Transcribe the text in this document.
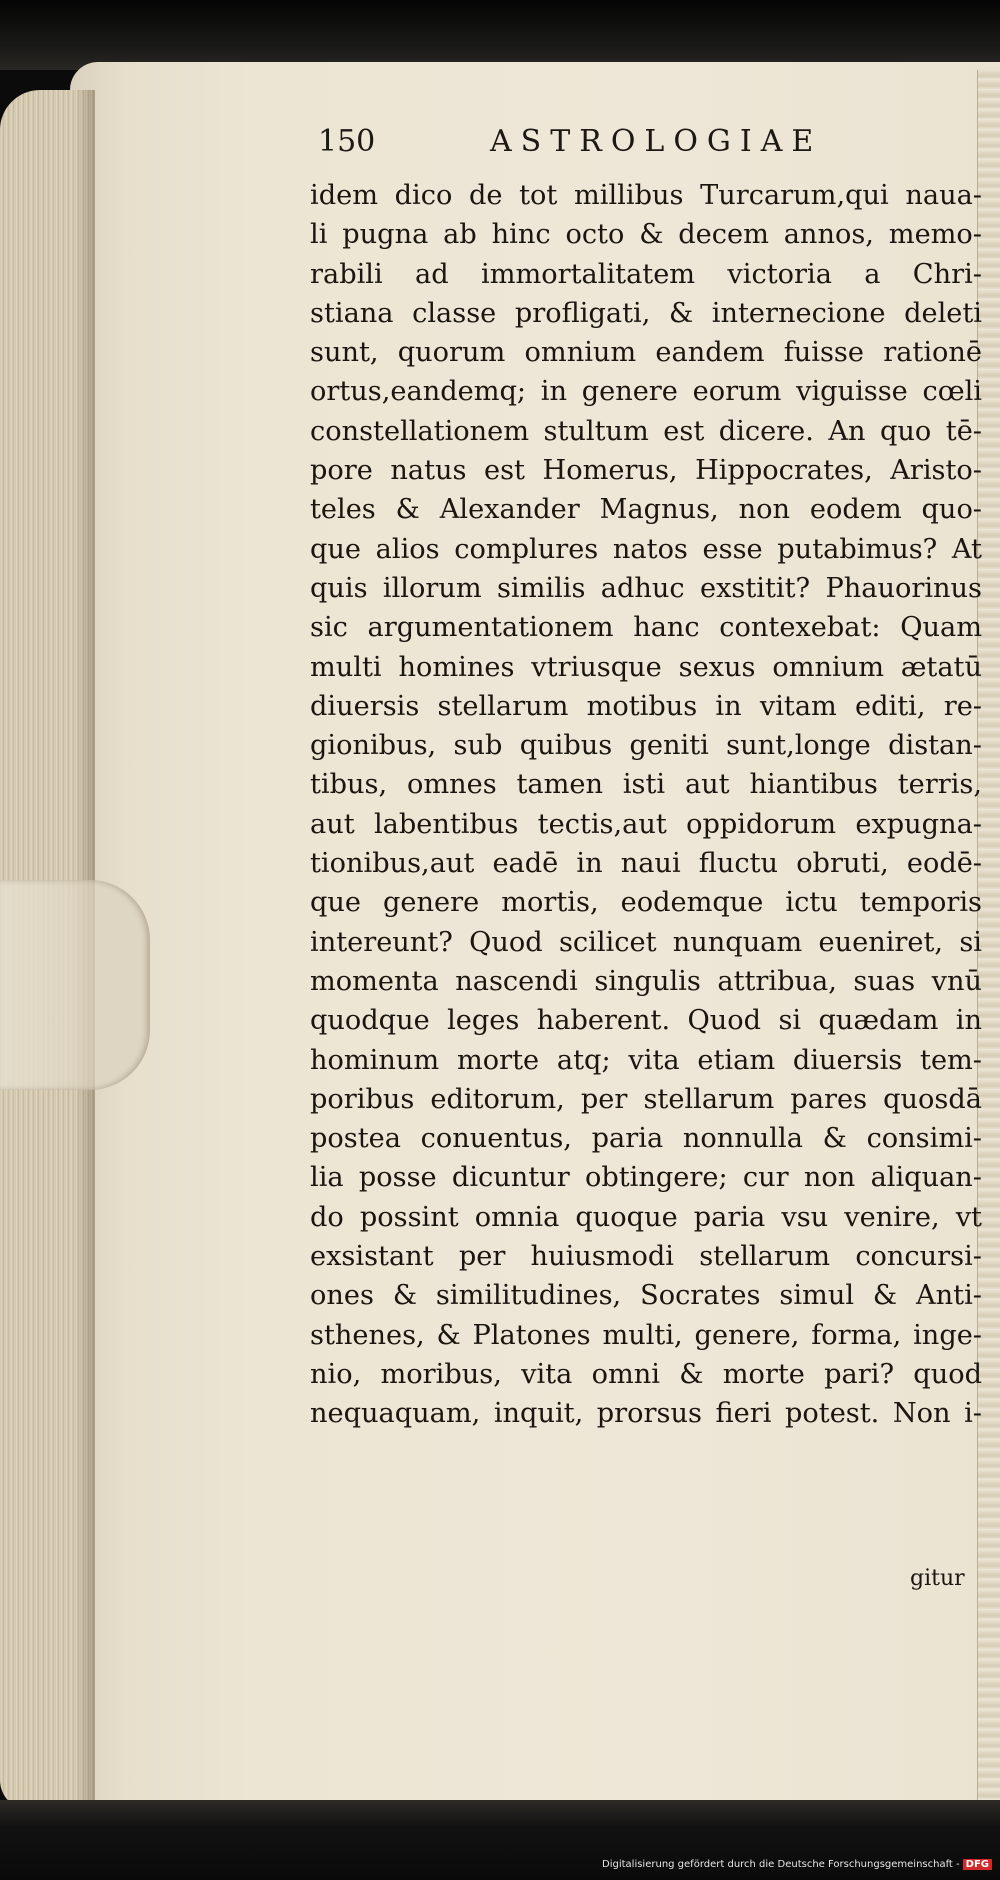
150	ASTROLOGIAE
idem dico de tot millibus Turcarum,qui naua-
li pugna ab hinc octo & decem annos, memo-
rabili ad immortalitatem victoria a Chri-
stiana classe profligati, & internecione deleti
sunt, quorum omnium eandem fuisse rationē
ortus,eandemq; in genere eorum viguisse cœli
constellationem stultum est dicere. An quo tē-
pore natus est Homerus, Hippocrates, Aristo-
teles & Alexander Magnus, non eodem quo-
que alios complures natos esse putabimus? At
quis illorum similis adhuc exstitit? Phauorinus
sic argumentationem hanc contexebat: Quam
multi homines vtriusque sexus omnium ætatū
diuersis stellarum motibus in vitam editi, re-
gionibus, sub quibus geniti sunt,longe distan-
tibus, omnes tamen isti aut hiantibus terris,
aut labentibus tectis,aut oppidorum expugna-
tionibus,aut eadē in naui fluctu obruti, eodē-
que genere mortis, eodemque ictu temporis
intereunt? Quod scilicet nunquam eueniret, si
momenta nascendi singulis attribua, suas vnū
quodque leges haberent. Quod si quædam in
hominum morte atq; vita etiam diuersis tem-
poribus editorum, per stellarum pares quosdā
postea conuentus, paria nonnulla & consimi-
lia posse dicuntur obtingere; cur non aliquan-
do possint omnia quoque paria vsu venire, vt
exsistant per huiusmodi stellarum concursi-
ones & similitudines, Socrates simul & Anti-
sthenes, & Platones multi, genere, forma, inge-
nio, moribus, vita omni & morte pari? quod
nequaquam, inquit, prorsus fieri potest. Non i-
gitur
Digitalisierung gefördert durch die Deutsche Forschungsgemeinschaft - DFG
